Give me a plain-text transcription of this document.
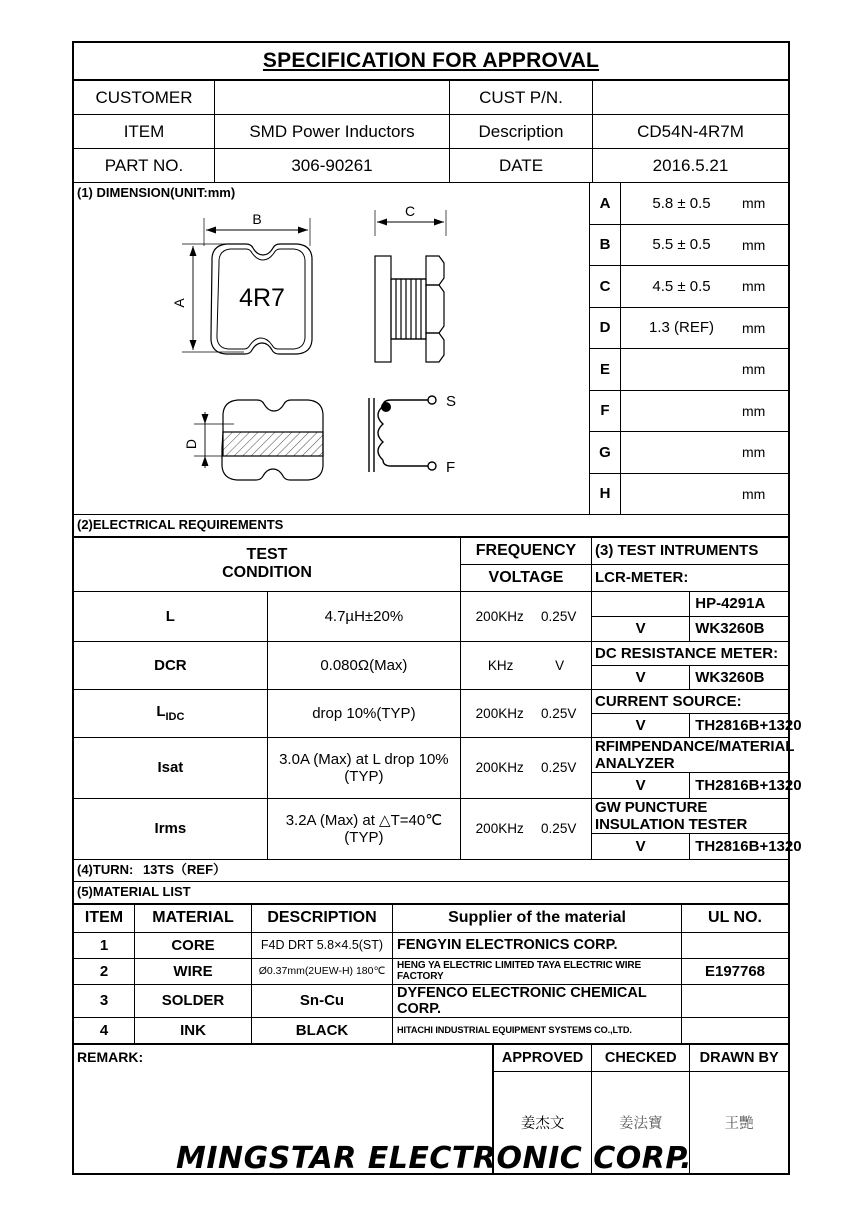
SPECIFICATION FOR APPROVAL
CUSTOMER		CUST P/N.	
ITEM	SMD Power Inductors	Description	CD54N-4R7M
PART NO.	306-90261	DATE	2016.5.21
(1) DIMENSION(UNIT:mm)
4R7
B
A
C
D
S
F
A	5.8 ± 0.5 mm

B	5.5 ± 0.5 mm

C	4.5 ± 0.5 mm

D	1.3 (REF) mm

E	mm

F	mm

G	mm

H	mm
(2)ELECTRICAL REQUIREMENTS
TEST
CONDITION		FREQUENCY	(3) TEST INTRUMENTS	
		VOLTAGE	LCR-METER:	
L	4.7µH±20%	200KHz 0.25V		HP-4291A
			V	WK3260B
DCR	0.080Ω(Max)	KHz V	DC RESISTANCE METER:	
			V	WK3260B
$L_{IDC}$	drop 10%(TYP)	200KHz 0.25V	CURRENT SOURCE:	
			V	TH2816B+1320
Isat	3.0A (Max) at L drop 10%(TYP)	200KHz 0.25V	RFIMPENDANCE/MATERIAL ANALYZER	
			V	TH2816B+1320
Irms	3.2A (Max) at △T=40℃(TYP)	200KHz 0.25V	GW PUNCTURE INSULATION TESTER	
			V	TH2816B+1320
(4)TURN: 13TS（REF）
(5)MATERIAL LIST
ITEM	MATERIAL	DESCRIPTION	Supplier of the material	UL NO.
1	CORE	F4D DRT 5.8×4.5(ST)	FENGYIN ELECTRONICS CORP.	
2	WIRE	Ø0.37mm(2UEW-H) 180℃	HENG YA ELECTRIC LIMITED TAYA ELECTRIC WIRE FACTORY	E197768
3	SOLDER	Sn-Cu	DYFENCO ELECTRONIC CHEMICAL CORP.	
4	INK	BLACK	HITACHI INDUSTRIAL EQUIPMENT SYSTEMS CO.,LTD.	
REMARK:	APPROVED	CHECKED	DRAWN BY
姜杰文	姜法寶	王艷
MINGSTAR ELECTRONIC CORP.
